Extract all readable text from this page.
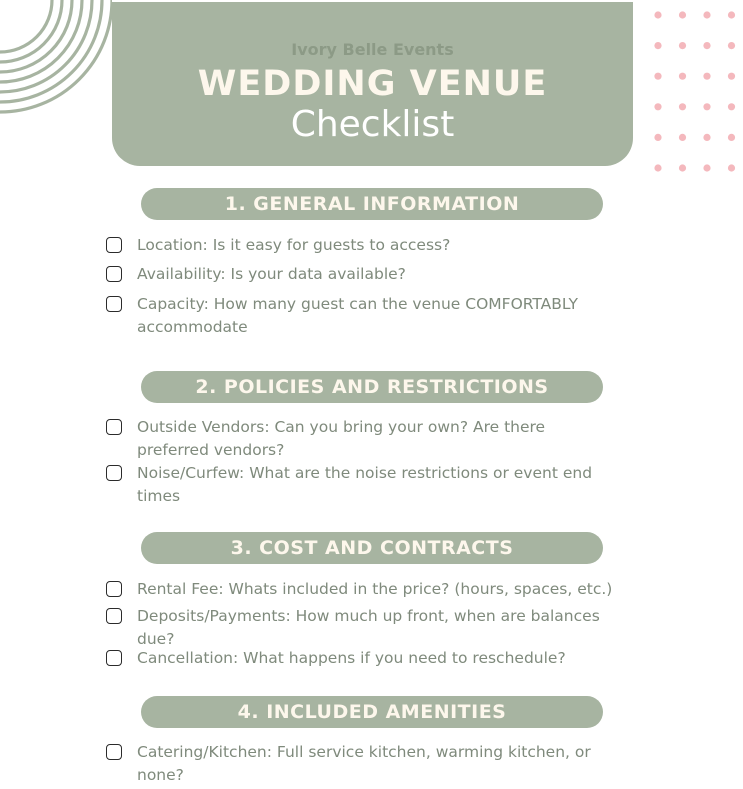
Ivory Belle Events
WEDDING VENUE
Checklist
1. GENERAL INFORMATION
Location: Is it easy for guests to access?
Availability: Is your data available?
Capacity: How many guest can the venue COMFORTABLY accommodate
2. POLICIES AND RESTRICTIONS
Outside Vendors: Can you bring your own? Are there preferred vendors?
Noise/Curfew: What are the noise restrictions or event end times
3. COST AND CONTRACTS
Rental Fee: Whats included in the price? (hours, spaces, etc.)
Deposits/Payments: How much up front, when are balances due?
Cancellation: What happens if you need to reschedule?
4. INCLUDED AMENITIES
Catering/Kitchen: Full service kitchen, warming kitchen, or none?
